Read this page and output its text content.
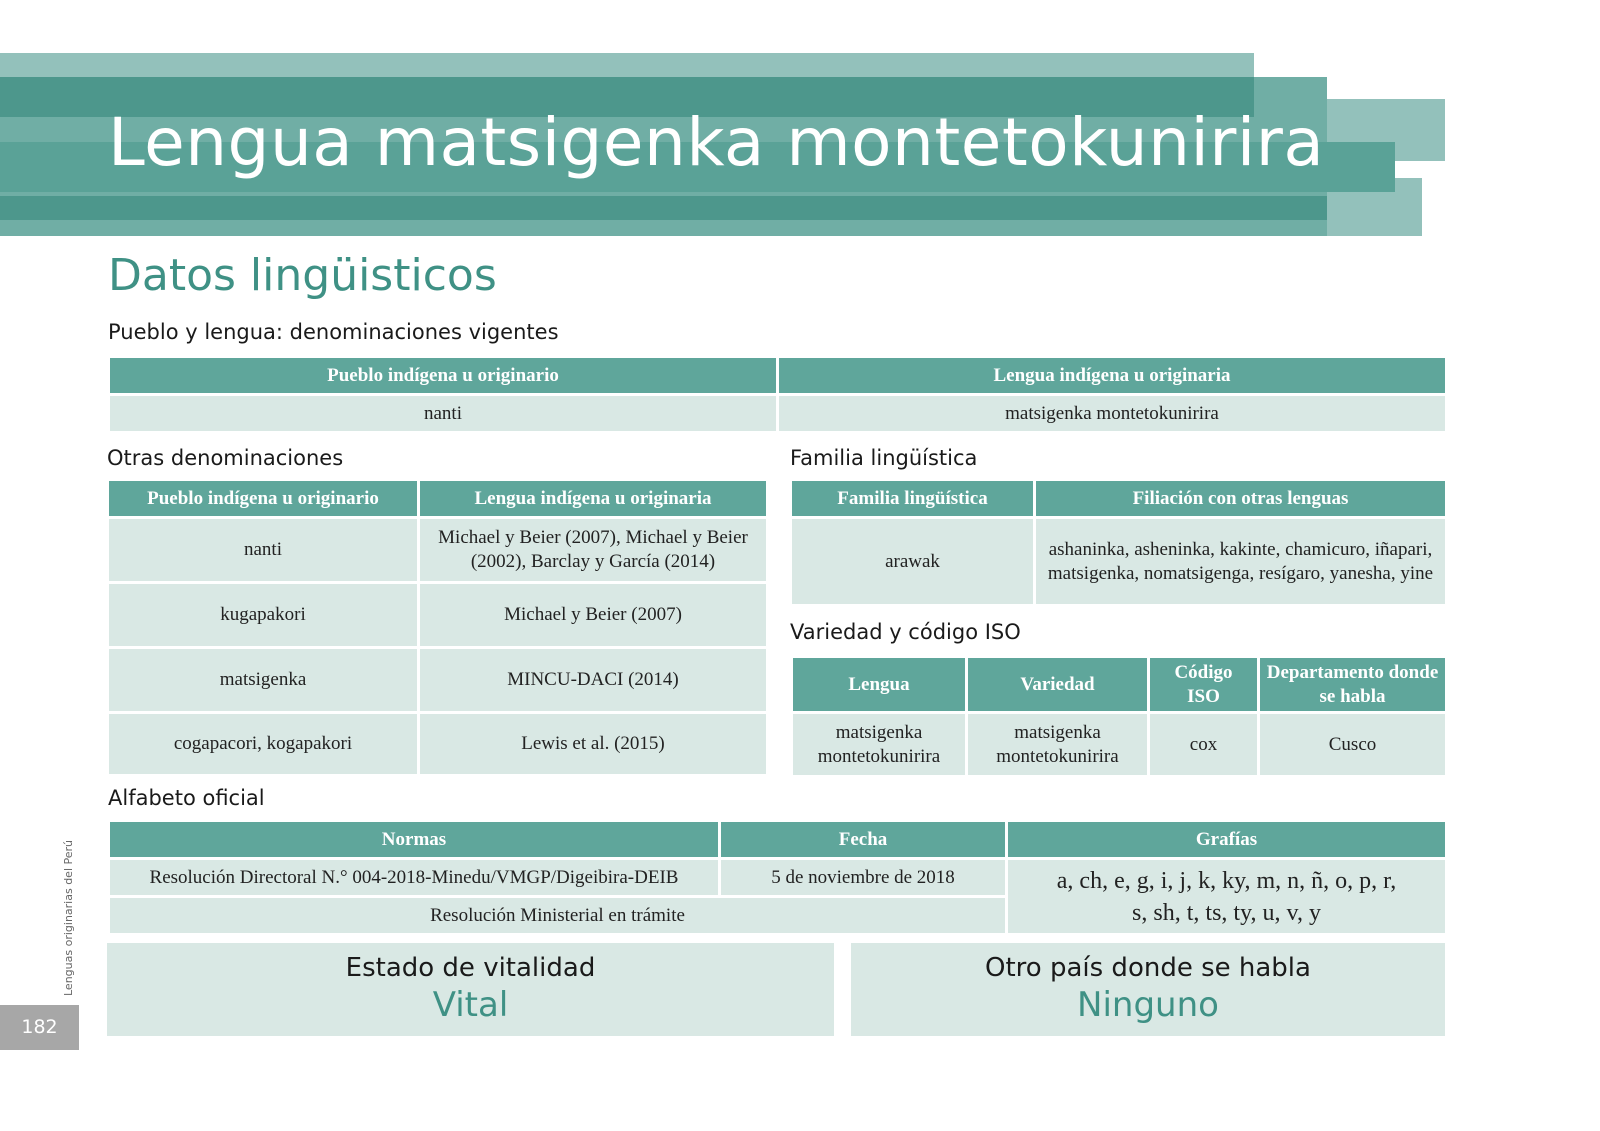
Lengua matsigenka montetokunirira
Datos lingüisticos
Pueblo y lengua: denominaciones vigentes
Pueblo indígena u originario	Lengua indígena u originaria
nanti	matsigenka montetokunirira
Otras denominaciones
Pueblo indígena u originario	Lengua indígena u originaria
nanti	Michael y Beier (2007), Michael y Beier (2002), Barclay y García (2014)
kugapakori	Michael y Beier (2007)
matsigenka	MINCU-DACI (2014)
cogapacori, kogapakori	Lewis et al. (2015)
Familia lingüística
Familia lingüística	Filiación con otras lenguas
arawak	ashaninka, asheninka, kakinte, chamicuro, iñapari, matsigenka, nomatsigenga, resígaro, yanesha, yine
Variedad y código ISO
Lengua	Variedad	Código ISO	Departamento donde se habla
matsigenka montetokunirira	matsigenka montetokunirira	cox	Cusco
Alfabeto oficial
Normas	Fecha	Grafías
Resolución Directoral N.° 004-2018-Minedu/VMGP/Digeibira-DEIB	5 de noviembre de 2018	a, ch, e, g, i, j, k, ky, m, n, ñ, o, p, r, s, sh, t, ts, ty, u, v, y
Resolución Ministerial en trámite		
Estado de vitalidad
Vital
Otro país donde se habla
Ninguno
Lenguas originarias del Perú
182
